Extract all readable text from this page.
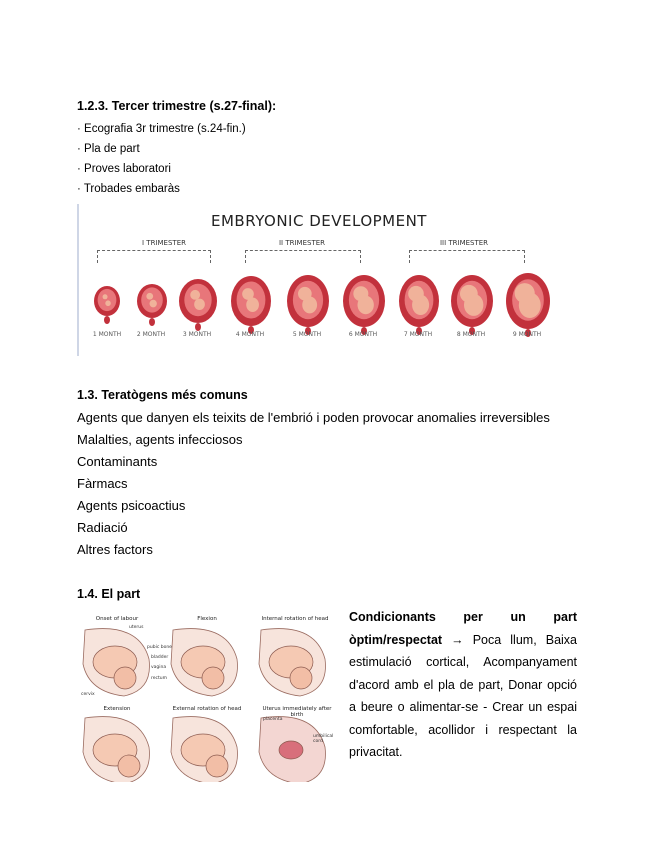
1.2.3. Tercer trimestre (s.27-final):
· Ecografia 3r trimestre (s.24-fin.)
· Pla de part
· Proves laboratori
· Trobades embaràs
EMBRYONIC DEVELOPMENT
I TRIMESTER	II TRIMESTER	III TRIMESTER
1 MONTH	2 MONTH	3 MONTH	4 MONTH	5 MONTH	6 MONTH	7 MONTH	8 MONTH	9 MONTH
1.3. Teratògens més comuns
Agents que danyen els teixits de l'embrió i poden provocar anomalies irreversibles
Malalties, agents infecciosos
Contaminants
Fàrmacs
Agents psicoactius
Radiació
Altres factors
1.4. El part
Onset of labour	Flexion	Internal rotation of head
Extension	External rotation of head	Uterus immediately after birth
uterus
pubic bone
bladder
vagina
rectum
cervix
placenta
umbilical cord
Condicionants per un part òptim/respectat → Poca llum, Baixa estimulació cortical, Acompanyament d'acord amb el pla de part, Donar opció a beure o alimentar-se - Crear un espai comfortable, acollidor i respectant la privacitat.
